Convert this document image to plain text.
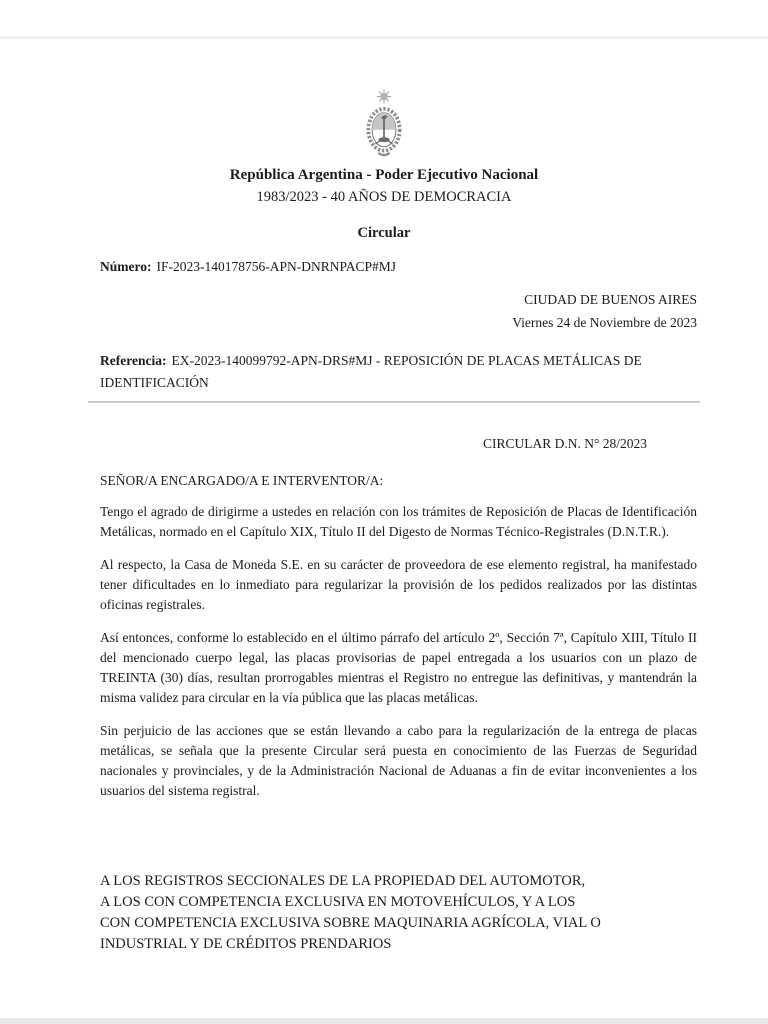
República Argentina - Poder Ejecutivo Nacional
1983/2023 - 40 AÑOS DE DEMOCRACIA
Circular
Número: IF-2023-140178756-APN-DNRNPACP#MJ
CIUDAD DE BUENOS AIRES
Viernes 24 de Noviembre de 2023
Referencia: EX-2023-140099792-APN-DRS#MJ - REPOSICIÓN DE PLACAS METÁLICAS DE IDENTIFICACIÓN
CIRCULAR D.N. N° 28/2023
SEÑOR/A ENCARGADO/A E INTERVENTOR/A:
Tengo el agrado de dirigirme a ustedes en relación con los trámites de Reposición de Placas de Identificación Metálicas, normado en el Capítulo XIX, Título II del Digesto de Normas Técnico-Registrales (D.N.T.R.).
Al respecto, la Casa de Moneda S.E. en su carácter de proveedora de ese elemento registral, ha manifestado tener dificultades en lo inmediato para regularizar la provisión de los pedidos realizados por las distintas oficinas registrales.
Así entonces, conforme lo establecido en el último párrafo del artículo 2º, Sección 7ª, Capítulo XIII, Título II del mencionado cuerpo legal, las placas provisorias de papel entregada a los usuarios con un plazo de TREINTA (30) días, resultan prorrogables mientras el Registro no entregue las definitivas, y mantendrán la misma validez para circular en la vía pública que las placas metálicas.
Sin perjuicio de las acciones que se están llevando a cabo para la regularización de la entrega de placas metálicas, se señala que la presente Circular será puesta en conocimiento de las Fuerzas de Seguridad nacionales y provinciales, y de la Administración Nacional de Aduanas a fin de evitar inconvenientes a los usuarios del sistema registral.
A LOS REGISTROS SECCIONALES DE LA PROPIEDAD DEL AUTOMOTOR,
A LOS CON COMPETENCIA EXCLUSIVA EN MOTOVEHÍCULOS, Y A LOS
CON COMPETENCIA EXCLUSIVA SOBRE MAQUINARIA AGRÍCOLA, VIAL O
INDUSTRIAL Y DE CRÉDITOS PRENDARIOS
